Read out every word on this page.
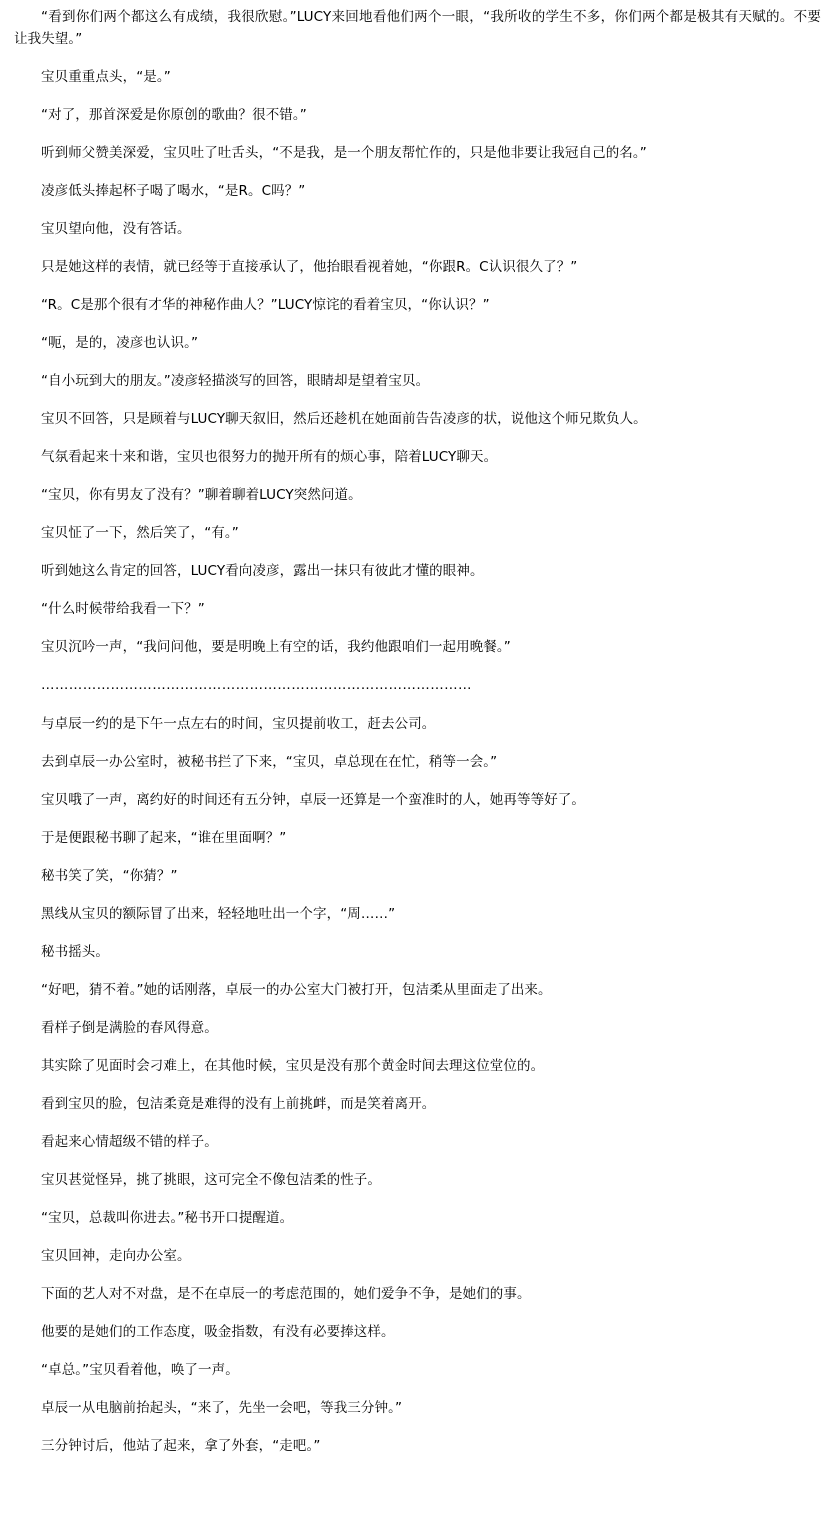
“看到你们两个都这么有成绩，我很欣慰。”LUCY来回地看他们两个一眼，“我所收的学生不多，你们两个都是极其有天赋的。不要让我失望。”

宝贝重重点头，“是。”

“对了，那首深爱是你原创的歌曲？很不错。”

听到师父赞美深爱，宝贝吐了吐舌头，“不是我，是一个朋友帮忙作的，只是他非要让我冠自己的名。”

凌彦低头捧起杯子喝了喝水，“是R。C吗？”

宝贝望向他，没有答话。

只是她这样的表情，就已经等于直接承认了，他抬眼看视着她，“你跟R。C认识很久了？”

“R。C是那个很有才华的神秘作曲人？”LUCY惊诧的看着宝贝，“你认识？”

“呃，是的，凌彦也认识。”

“自小玩到大的朋友。”凌彦轻描淡写的回答，眼睛却是望着宝贝。

宝贝不回答，只是顾着与LUCY聊天叙旧，然后还趁机在她面前告告凌彦的状，说他这个师兄欺负人。

气氛看起来十来和谐，宝贝也很努力的抛开所有的烦心事，陪着LUCY聊天。

“宝贝，你有男友了没有？”聊着聊着LUCY突然问道。

宝贝怔了一下，然后笑了，“有。”

听到她这么肯定的回答，LUCY看向凌彦，露出一抹只有彼此才懂的眼神。

“什么时候带给我看一下？”

宝贝沉吟一声，“我问问他，要是明晚上有空的话，我约他跟咱们一起用晚餐。”

…………………………………………………………………………………

与卓辰一约的是下午一点左右的时间，宝贝提前收工，赶去公司。

去到卓辰一办公室时，被秘书拦了下来，“宝贝，卓总现在在忙，稍等一会。”

宝贝哦了一声，离约好的时间还有五分钟，卓辰一还算是一个蛮准时的人，她再等等好了。

于是便跟秘书聊了起来，“谁在里面啊？”

秘书笑了笑，“你猜？”

黑线从宝贝的额际冒了出来，轻轻地吐出一个字，“周……”

秘书摇头。

“好吧，猜不着。”她的话刚落，卓辰一的办公室大门被打开，包洁柔从里面走了出来。

看样子倒是满脸的春风得意。

其实除了见面时会刁难上，在其他时候，宝贝是没有那个黄金时间去理这位堂位的。

看到宝贝的脸，包洁柔竟是难得的没有上前挑衅，而是笑着离开。

看起来心情超级不错的样子。

宝贝甚觉怪异，挑了挑眼，这可完全不像包洁柔的性子。

“宝贝，总裁叫你进去。”秘书开口提醒道。

宝贝回神，走向办公室。

下面的艺人对不对盘，是不在卓辰一的考虑范围的，她们爱争不争，是她们的事。

他要的是她们的工作态度，吸金指数，有没有必要捧这样。

“卓总。”宝贝看着他，唤了一声。

卓辰一从电脑前抬起头，“来了，先坐一会吧，等我三分钟。”

三分钟讨后，他站了起来，拿了外套，“走吧。”
